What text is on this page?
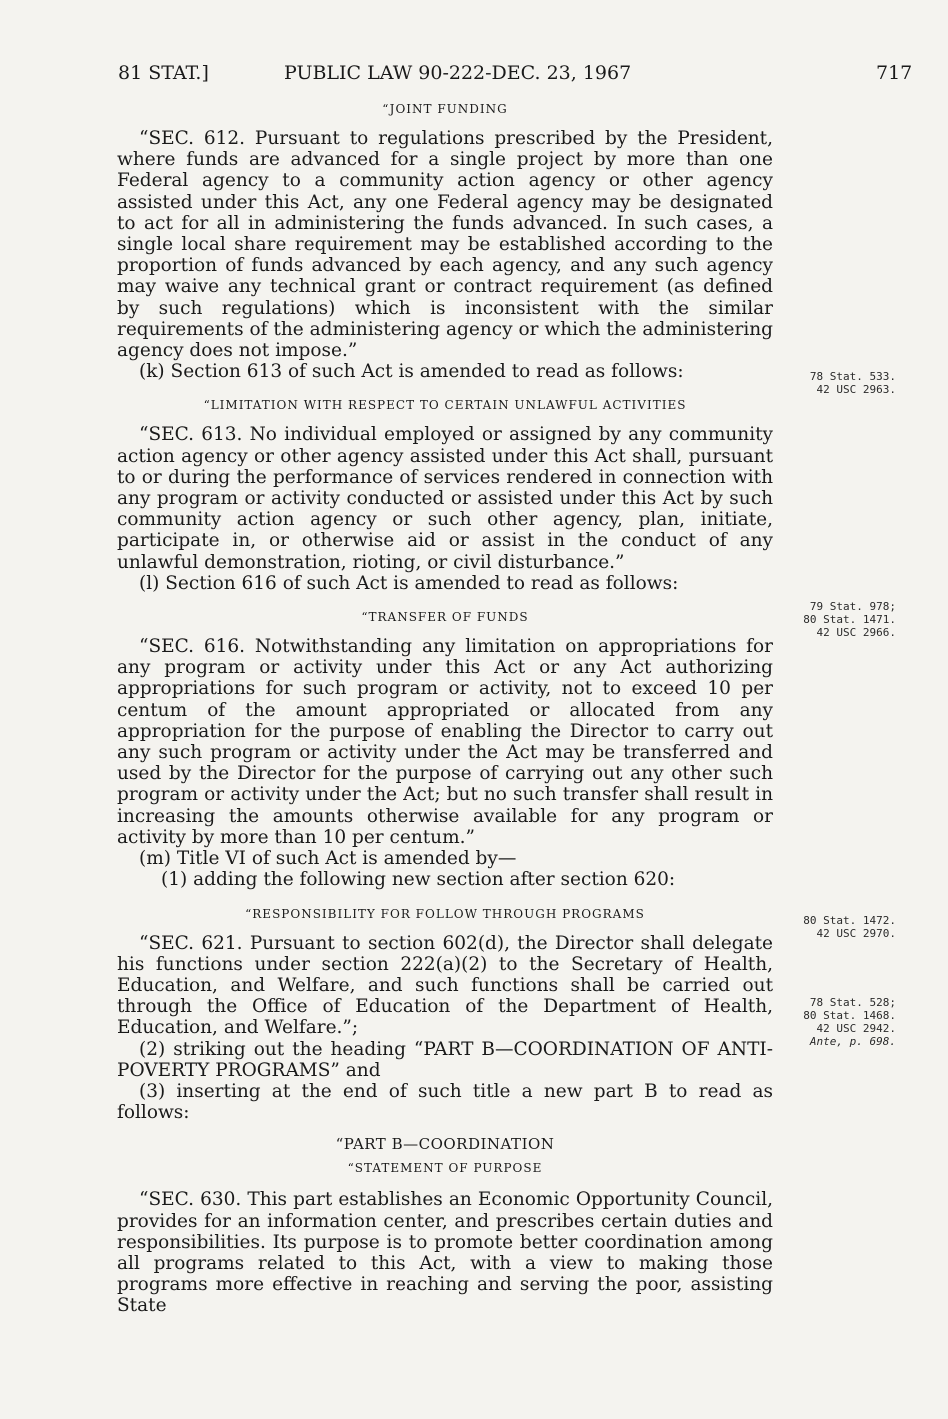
81 STAT.]	PUBLIC LAW 90-222-DEC. 23, 1967	717
“JOINT FUNDING

“SEC. 612. Pursuant to regulations prescribed by the President, where funds are advanced for a single project by more than one Federal agency to a community action agency or other agency assisted under this Act, any one Federal agency may be designated to act for all in administering the funds advanced. In such cases, a single local share requirement may be established according to the proportion of funds advanced by each agency, and any such agency may waive any technical grant or contract requirement (as defined by such regulations) which is inconsistent with the similar requirements of the administering agency or which the administering agency does not impose.”

(k) Section 613 of such Act is amended to read as follows:

“LIMITATION WITH RESPECT TO CERTAIN UNLAWFUL ACTIVITIES

“SEC. 613. No individual employed or assigned by any community action agency or other agency assisted under this Act shall, pursuant to or during the performance of services rendered in connection with any program or activity conducted or assisted under this Act by such community action agency or such other agency, plan, initiate, participate in, or otherwise aid or assist in the conduct of any unlawful demonstration, rioting, or civil disturbance.”

(l) Section 616 of such Act is amended to read as follows:

“TRANSFER OF FUNDS

“SEC. 616. Notwithstanding any limitation on appropriations for any program or activity under this Act or any Act authorizing appropriations for such program or activity, not to exceed 10 per centum of the amount appropriated or allocated from any appropriation for the purpose of enabling the Director to carry out any such program or activity under the Act may be transferred and used by the Director for the purpose of carrying out any other such program or activity under the Act; but no such transfer shall result in increasing the amounts otherwise available for any program or activity by more than 10 per centum.”

(m) Title VI of such Act is amended by—

(1) adding the following new section after section 620:

“RESPONSIBILITY FOR FOLLOW THROUGH PROGRAMS

“SEC. 621. Pursuant to section 602(d), the Director shall delegate his functions under section 222(a)(2) to the Secretary of Health, Education, and Welfare, and such functions shall be carried out through the Office of Education of the Department of Health, Education, and Welfare.”;

(2) striking out the heading “PART B—COORDINATION OF ANTI-POVERTY PROGRAMS” and

(3) inserting at the end of such title a new part B to read as follows:

“PART B—COORDINATION
“STATEMENT OF PURPOSE

“SEC. 630. This part establishes an Economic Opportunity Council, provides for an information center, and prescribes certain duties and responsibilities. Its purpose is to promote better coordination among all programs related to this Act, with a view to making those programs more effective in reaching and serving the poor, assisting State

78 Stat. 533.
42 USC 2963.
79 Stat. 978;
80 Stat. 1471.
42 USC 2966.
80 Stat. 1472.
42 USC 2970.
78 Stat. 528;
80 Stat. 1468.
42 USC 2942.
Ante, p. 698.
